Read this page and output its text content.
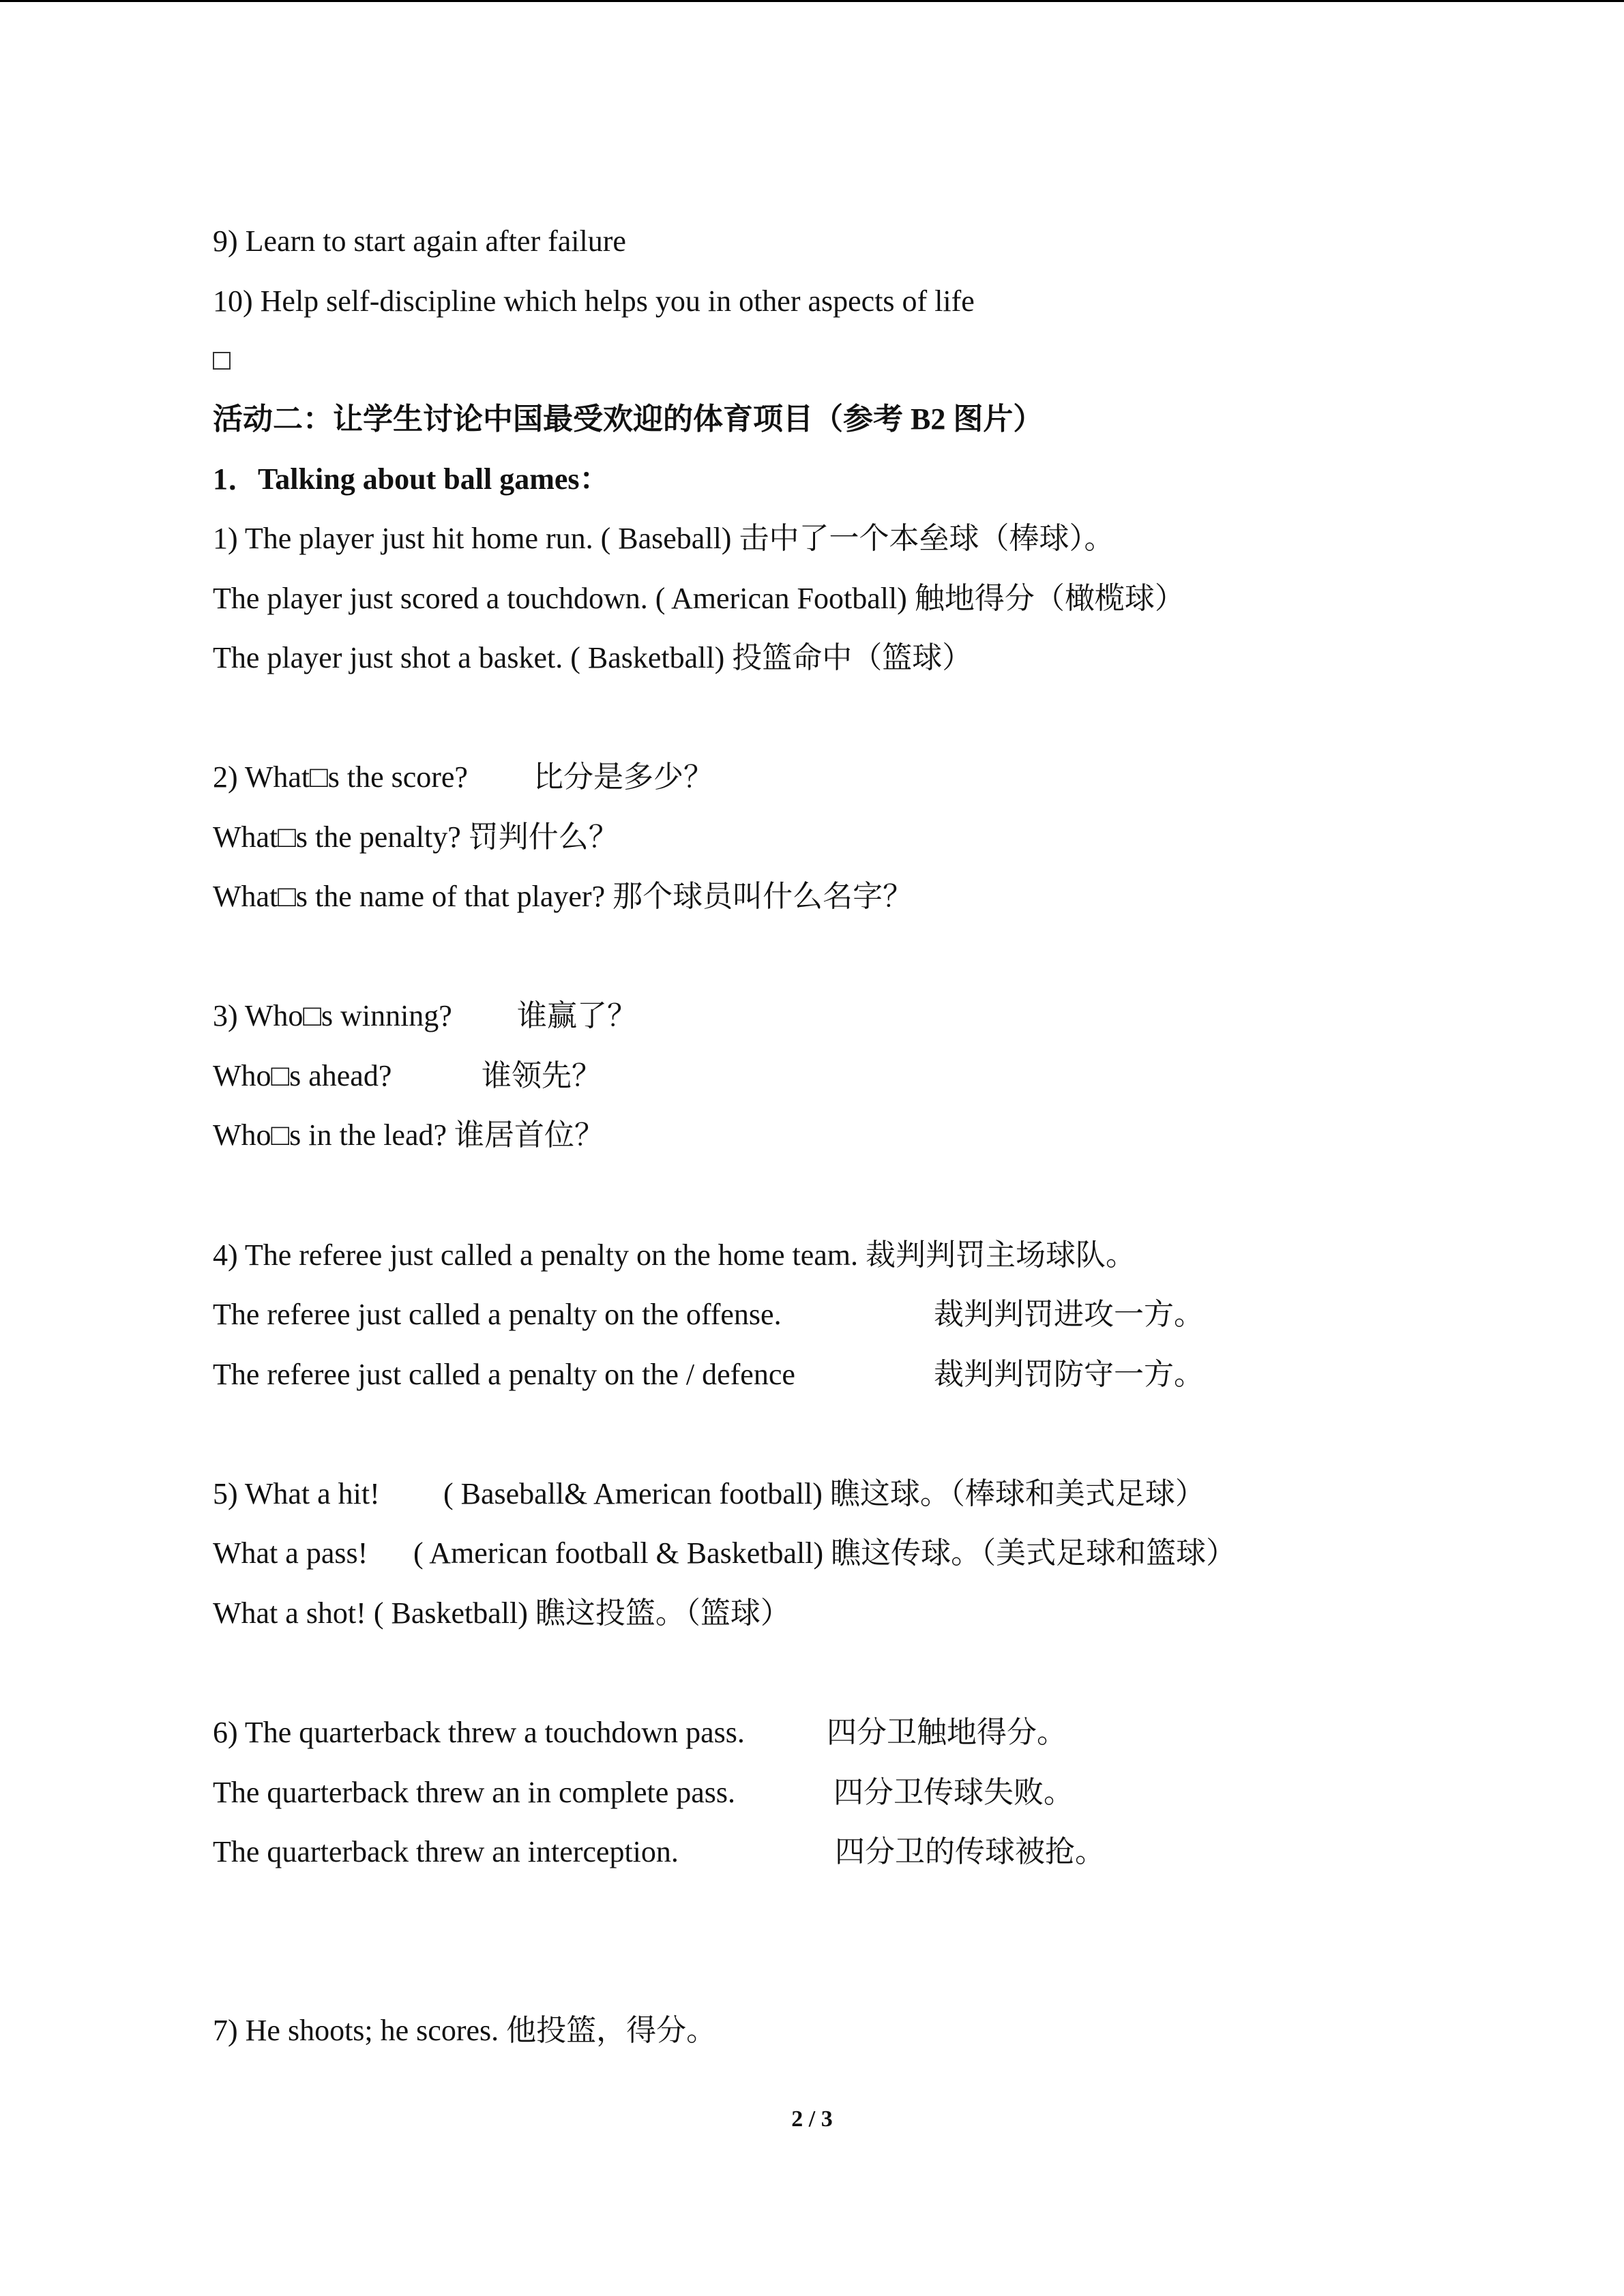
9) Learn to start again after failure
10) Help self-discipline which helps you in other aspects of life
活动二：让学生讨论中国最受欢迎的体育项目（参考 B2 图片）
1．Talking about ball games：
1) The player just hit home run. ( Baseball) 击中了一个本垒球（棒球）。
The player just scored a touchdown. ( American Football) 触地得分（橄榄球）
The player just shot a basket. ( Basketball) 投篮命中（篮球）
2) What□s the score? 比分是多少？
What□s the penalty? 罚判什么？
What□s the name of that player? 那个球员叫什么名字？
3) Who□s winning? 谁赢了？
Who□s ahead?	谁领先？
Who□s in the lead? 谁居首位？
4) The referee just called a penalty on the home team. 裁判判罚主场球队。
The referee just called a penalty on the offense.	裁判判罚进攻一方。
The referee just called a penalty on the / defence	裁判判罚防守一方。
5) What a hit! ( Baseball& American football) 瞧这球。（棒球和美式足球）
What a pass! ( American football & Basketball) 瞧这传球。（美式足球和篮球）
What a shot! ( Basketball) 瞧这投篮。（篮球）
6) The quarterback threw a touchdown pass.	四分卫触地得分。
The quarterback threw an in complete pass.	四分卫传球失败。
The quarterback threw an interception.	四分卫的传球被抢。
7) He shoots; he scores. 他投篮，得分。
2 / 3
